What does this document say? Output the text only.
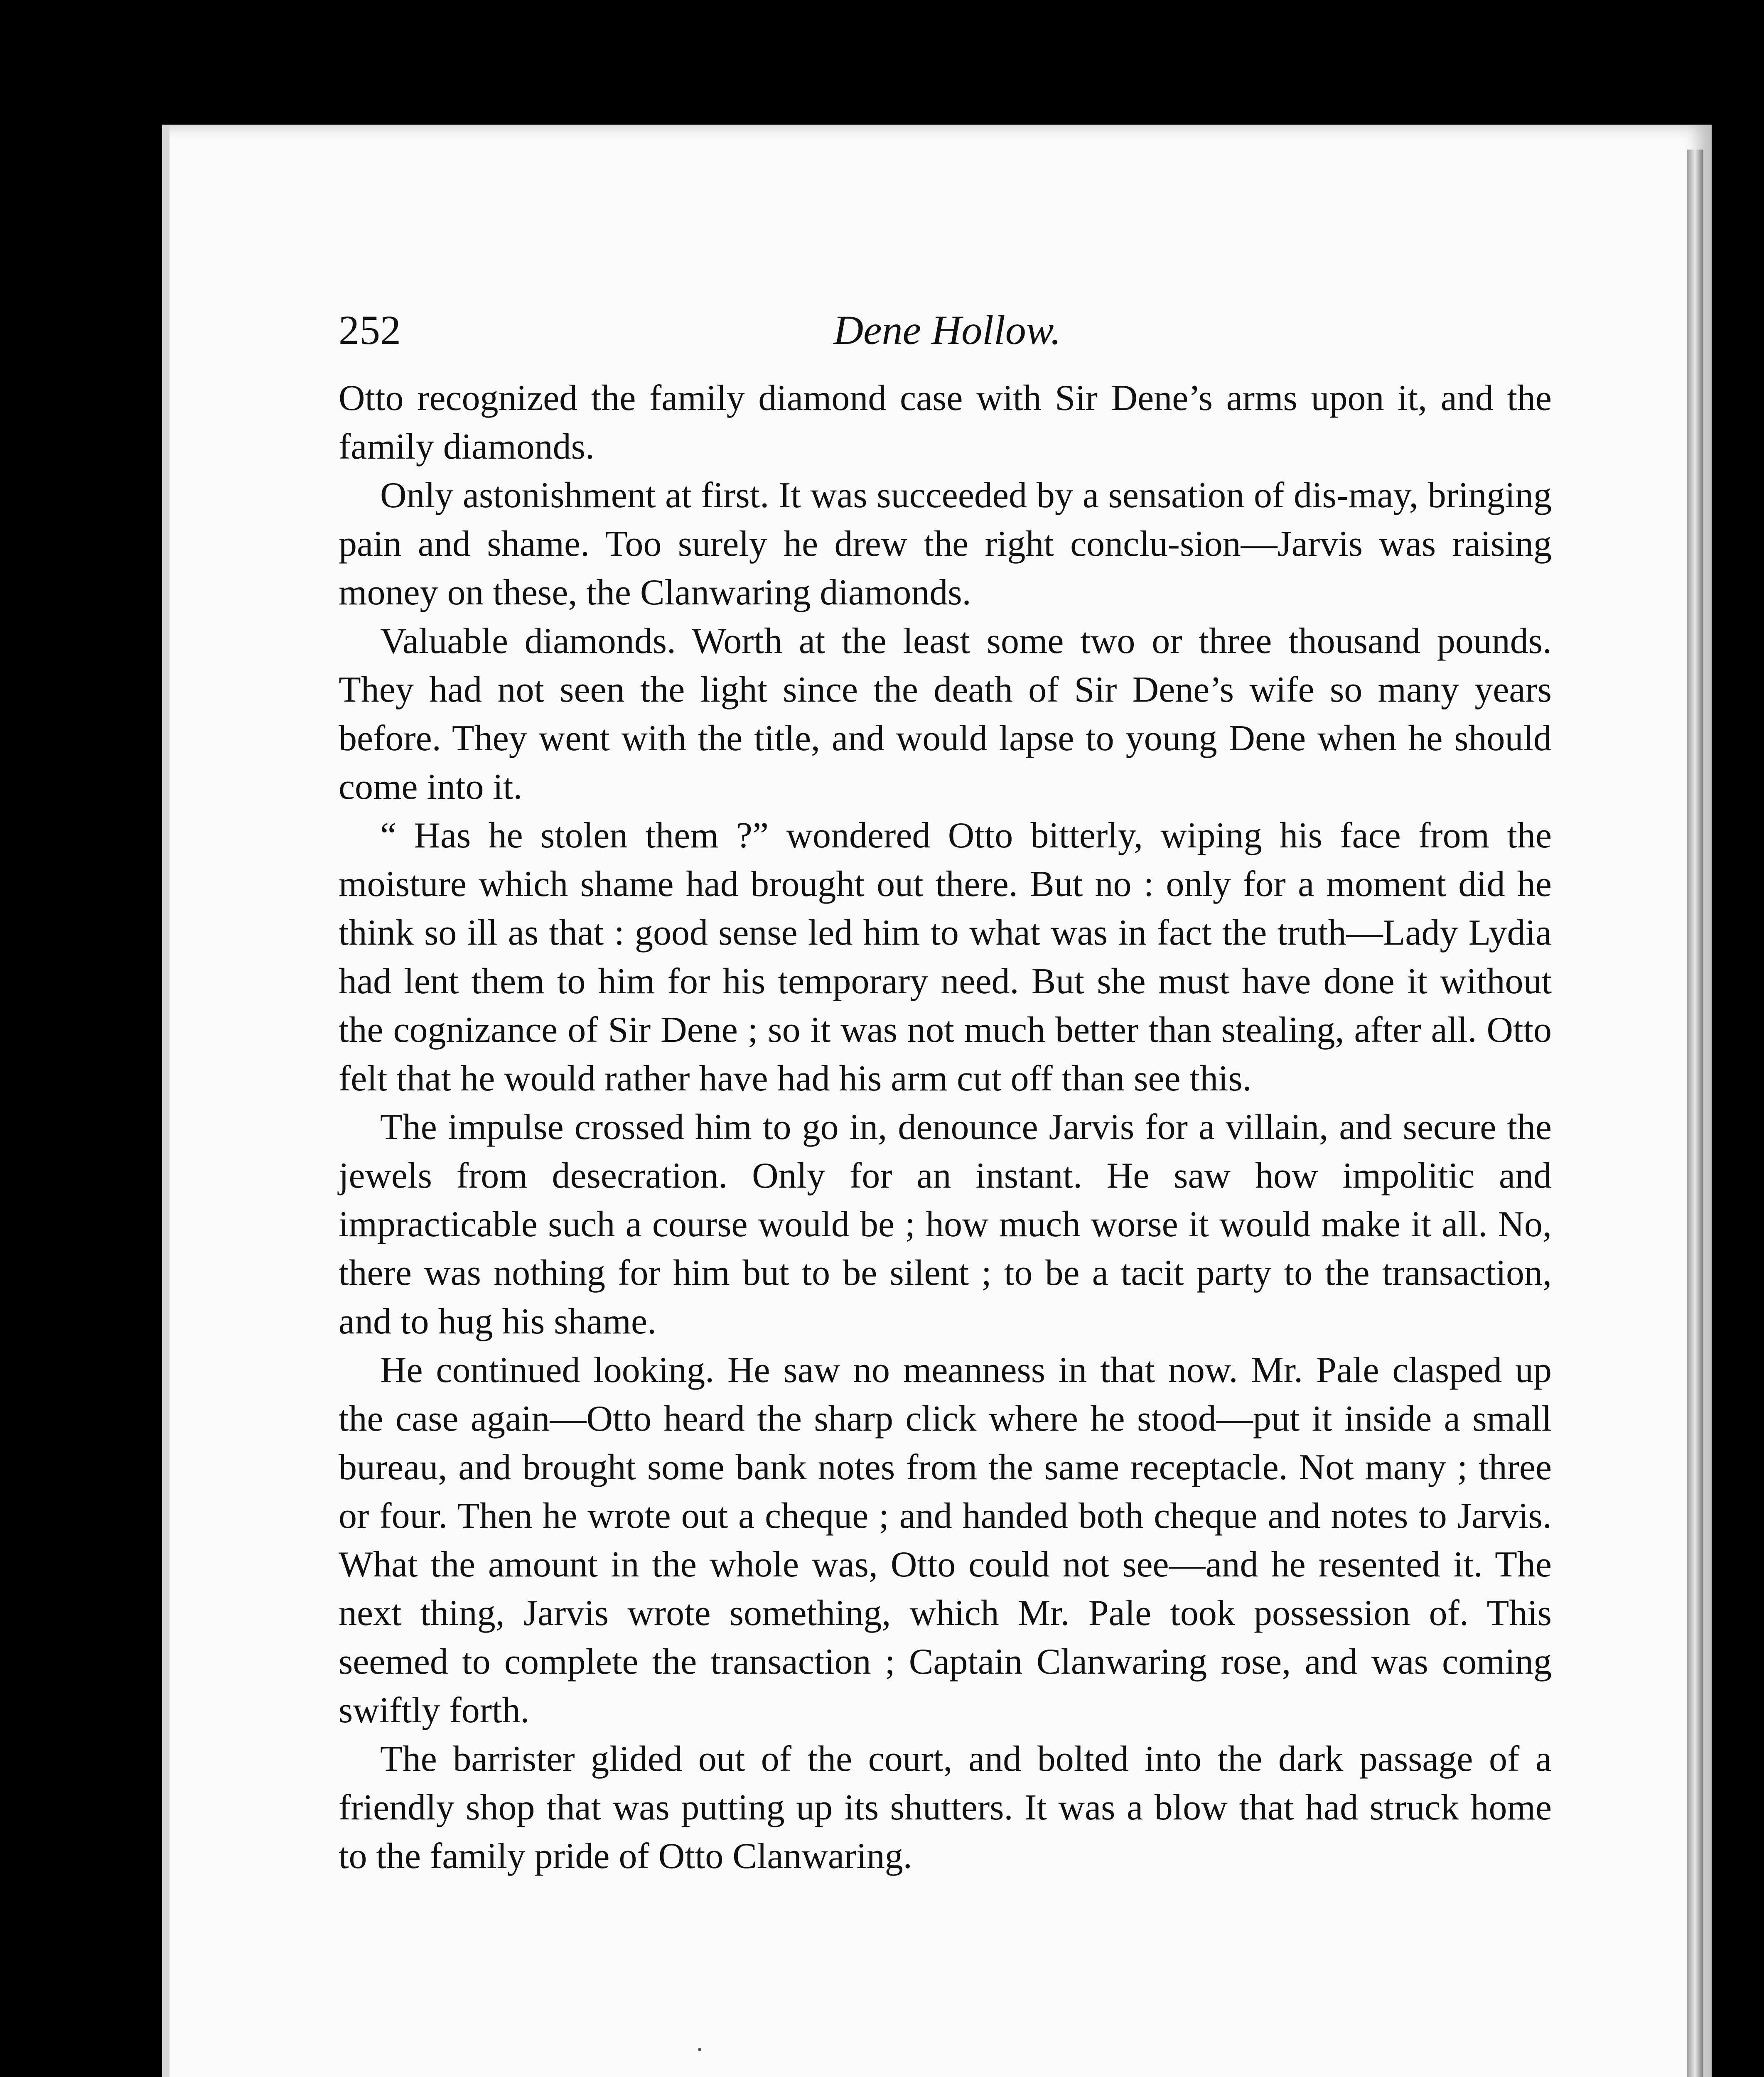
252	Dene Hollow.

Otto recognized the family diamond case with Sir Dene’s arms upon it, and the family diamonds.

Only astonishment at first. It was succeeded by a sensation of dis-may, bringing pain and shame. Too surely he drew the right conclu-sion—Jarvis was raising money on these, the Clanwaring diamonds.

Valuable diamonds. Worth at the least some two or three thousand pounds. They had not seen the light since the death of Sir Dene’s wife so many years before. They went with the title, and would lapse to young Dene when he should come into it.

“ Has he stolen them ?” wondered Otto bitterly, wiping his face from the moisture which shame had brought out there. But no : only for a moment did he think so ill as that : good sense led him to what was in fact the truth—Lady Lydia had lent them to him for his temporary need. But she must have done it without the cognizance of Sir Dene ; so it was not much better than stealing, after all. Otto felt that he would rather have had his arm cut off than see this.

The impulse crossed him to go in, denounce Jarvis for a villain, and secure the jewels from desecration. Only for an instant. He saw how impolitic and impracticable such a course would be ; how much worse it would make it all. No, there was nothing for him but to be silent ; to be a tacit party to the transaction, and to hug his shame.

He continued looking. He saw no meanness in that now. Mr. Pale clasped up the case again—Otto heard the sharp click where he stood—put it inside a small bureau, and brought some bank notes from the same receptacle. Not many ; three or four. Then he wrote out a cheque ; and handed both cheque and notes to Jarvis. What the amount in the whole was, Otto could not see—and he resented it. The next thing, Jarvis wrote something, which Mr. Pale took possession of. This seemed to complete the transaction ; Captain Clanwaring rose, and was coming swiftly forth.

The barrister glided out of the court, and bolted into the dark passage of a friendly shop that was putting up its shutters. It was a blow that had struck home to the family pride of Otto Clanwaring.
